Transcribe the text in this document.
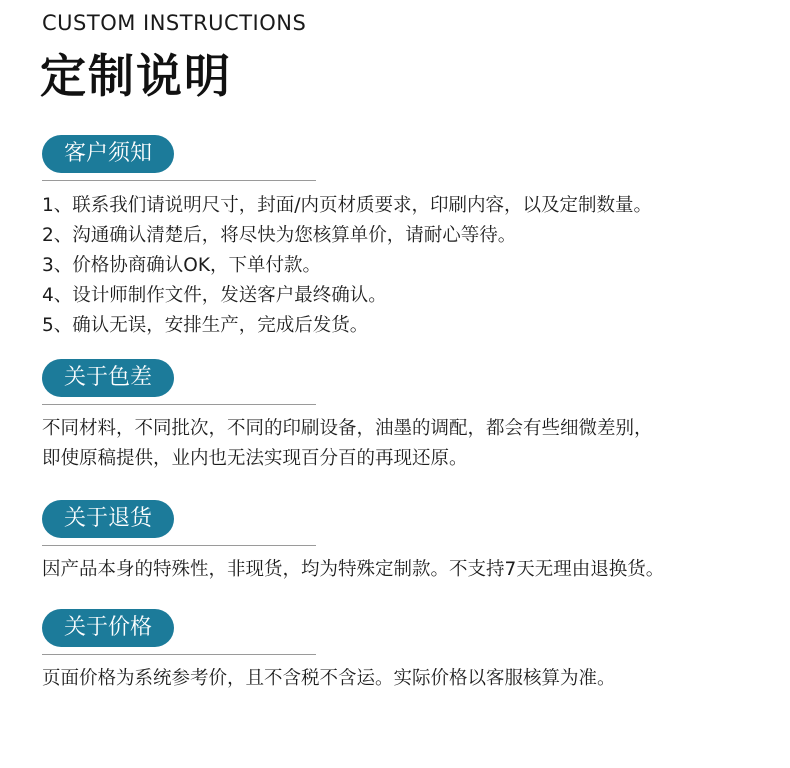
CUSTOM INSTRUCTIONS
定制说明
客户须知
1、联系我们请说明尺寸，封面/内页材质要求，印刷内容，以及定制数量。
2、沟通确认清楚后，将尽快为您核算单价，请耐心等待。
3、价格协商确认OK，下单付款。
4、设计师制作文件，发送客户最终确认。
5、确认无误，安排生产，完成后发货。
关于色差
不同材料，不同批次，不同的印刷设备，油墨的调配，都会有些细微差别，
即使原稿提供，业内也无法实现百分百的再现还原。
关于退货
因产品本身的特殊性，非现货，均为特殊定制款。不支持7天无理由退换货。
关于价格
页面价格为系统参考价，且不含税不含运。实际价格以客服核算为准。
